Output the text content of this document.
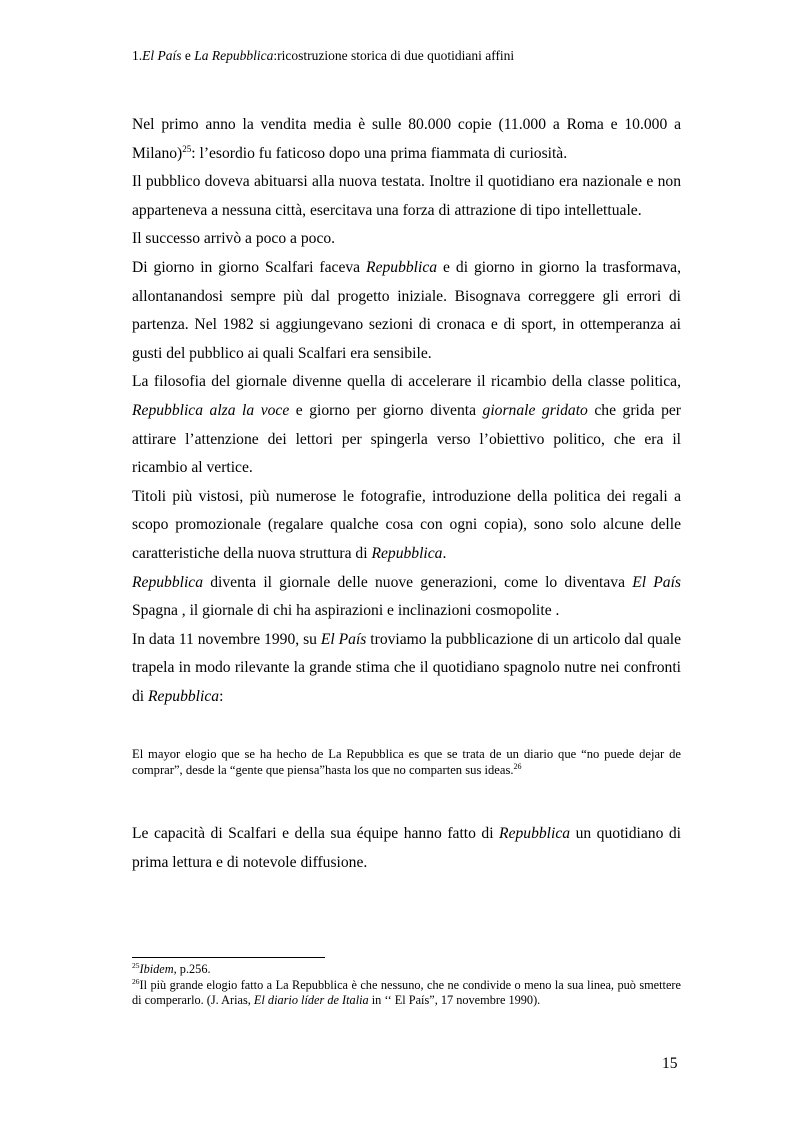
1.El País e La Repubblica:ricostruzione storica di due quotidiani affini

Nel primo anno la vendita media è sulle 80.000 copie (11.000 a Roma e 10.000 a Milano)$^{25}$: l’esordio fu faticoso dopo una prima fiammata di curiosità.

Il pubblico doveva abituarsi alla nuova testata. Inoltre il quotidiano era nazionale e non apparteneva a nessuna città, esercitava una forza di attrazione di tipo intellettuale.

Il successo arrivò a poco a poco.

Di giorno in giorno Scalfari faceva Repubblica e di giorno in giorno la trasformava, allontanandosi sempre più dal progetto iniziale. Bisognava correggere gli errori di partenza. Nel 1982 si aggiungevano sezioni di cronaca e di sport, in ottemperanza ai gusti del pubblico ai quali Scalfari era sensibile.

La filosofia del giornale divenne quella di accelerare il ricambio della classe politica, Repubblica alza la voce e giorno per giorno diventa giornale gridato che grida per attirare l’attenzione dei lettori per spingerla verso l’obiettivo politico, che era il ricambio al vertice.

Titoli più vistosi, più numerose le fotografie, introduzione della politica dei regali a scopo promozionale (regalare qualche cosa con ogni copia), sono solo alcune delle caratteristiche della nuova struttura di Repubblica.

Repubblica diventa il giornale delle nuove generazioni, come lo diventava El País Spagna , il giornale di chi ha aspirazioni e inclinazioni cosmopolite .

In data 11 novembre 1990, su El País troviamo la pubblicazione di un articolo dal quale trapela in modo rilevante la grande stima che il quotidiano spagnolo nutre nei confronti di Repubblica:

El mayor elogio que se ha hecho de La Repubblica es que se trata de un diario que “no puede dejar de comprar”, desde la “gente que piensa”hasta los que no comparten sus ideas.$^{26}$

Le capacità di Scalfari e della sua équipe hanno fatto di Repubblica un quotidiano di prima lettura e di notevole diffusione.

$^{25}$Ibidem, p.256.

$^{26}$Il più grande elogio fatto a La Repubblica è che nessuno, che ne condivide o meno la sua linea, può smettere di comperarlo. (J. Arias, El diario líder de Italia in ‘‘ El País”, 17 novembre 1990).

15
